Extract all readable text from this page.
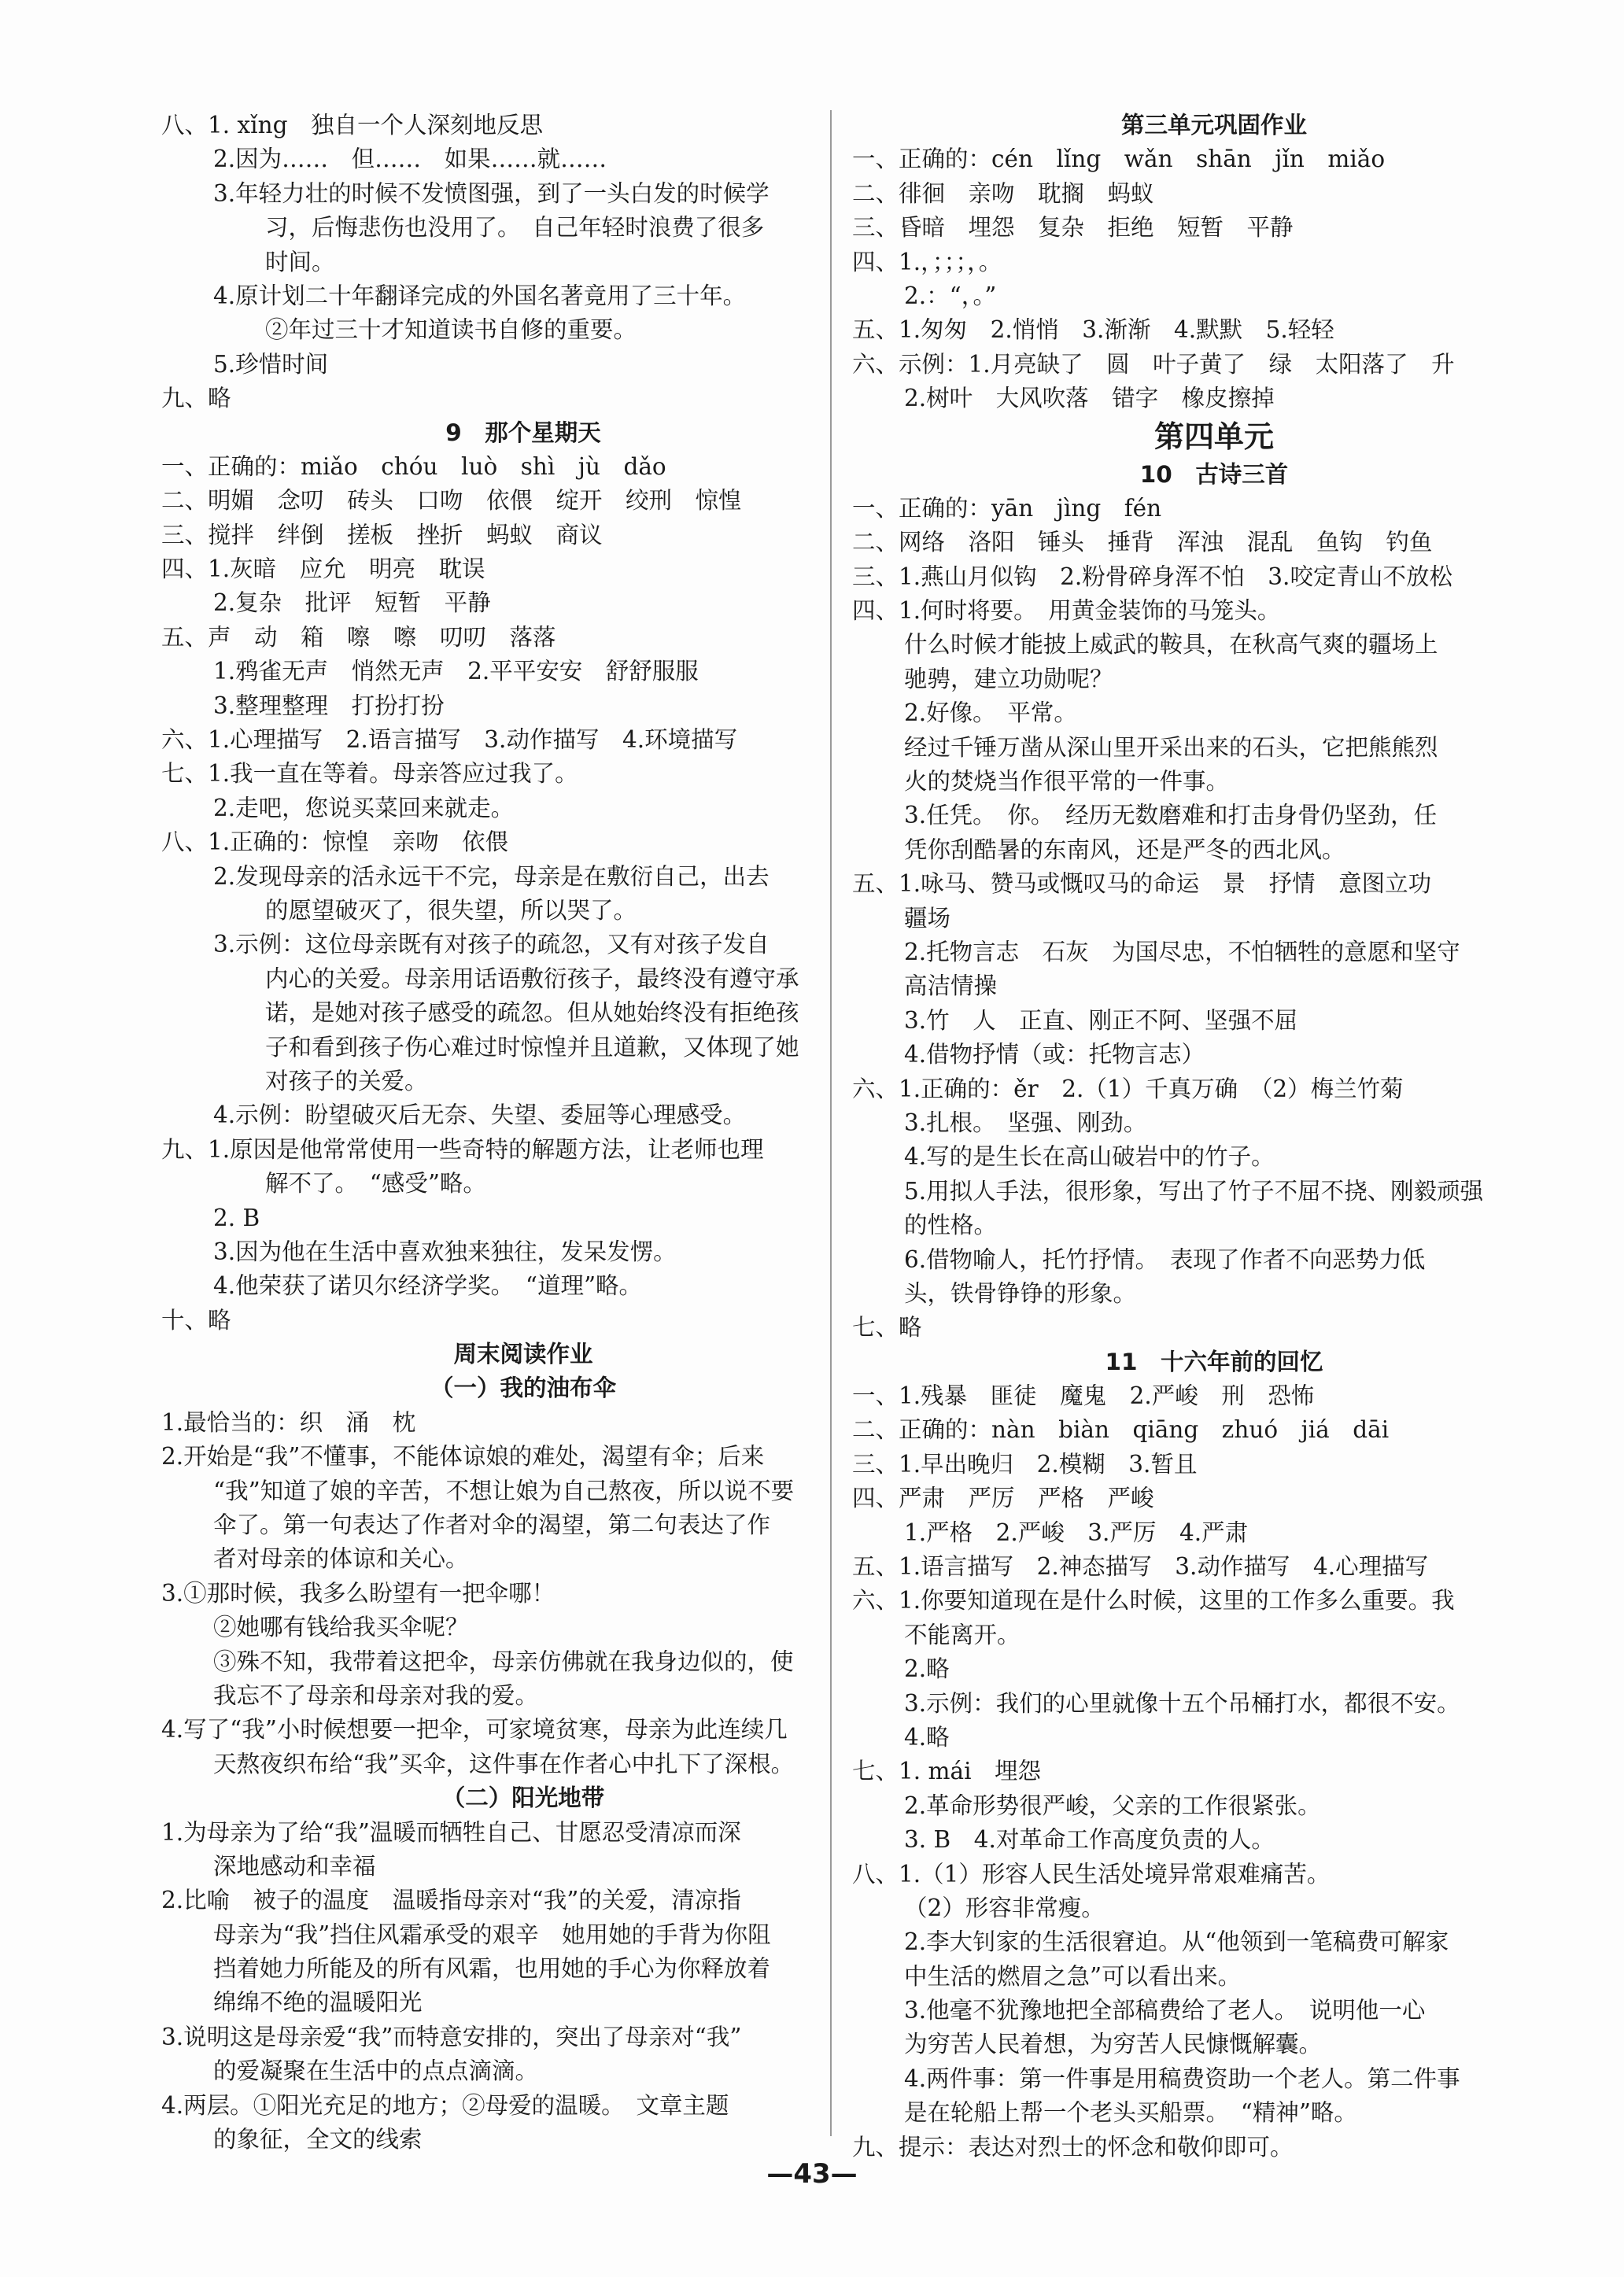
八、1. xǐng　独自一个人深刻地反思
2.因为……　但……　如果……就……
3.年轻力壮的时候不发愤图强，到了一头白发的时候学
习，后悔悲伤也没用了。　自己年轻时浪费了很多
时间。
4.原计划二十年翻译完成的外国名著竟用了三十年。
②年过三十才知道读书自修的重要。
5.珍惜时间
九、略
9　那个星期天
一、正确的：miǎo　chóu　luò　shì　jù　dǎo
二、明媚　念叨　砖头　口吻　依偎　绽开　绞刑　惊惶
三、搅拌　绊倒　搓板　挫折　蚂蚁　商议
四、1.灰暗　应允　明亮　耽误
2.复杂　批评　短暂　平静
五、声　动　箱　嚓　嚓　叨叨　落落
1.鸦雀无声　悄然无声　2.平平安安　舒舒服服
3.整理整理　打扮打扮
六、1.心理描写　2.语言描写　3.动作描写　4.环境描写
七、1.我一直在等着。母亲答应过我了。
2.走吧，您说买菜回来就走。
八、1.正确的：惊惶　亲吻　依偎
2.发现母亲的活永远干不完，母亲是在敷衍自己，出去
的愿望破灭了，很失望，所以哭了。
3.示例：这位母亲既有对孩子的疏忽，又有对孩子发自
内心的关爱。母亲用话语敷衍孩子，最终没有遵守承
诺，是她对孩子感受的疏忽。但从她始终没有拒绝孩
子和看到孩子伤心难过时惊惶并且道歉，又体现了她
对孩子的关爱。
4.示例：盼望破灭后无奈、失望、委屈等心理感受。
九、1.原因是他常常使用一些奇特的解题方法，让老师也理
解不了。　“感受”略。
2. B
3.因为他在生活中喜欢独来独往，发呆发愣。
4.他荣获了诺贝尔经济学奖。　“道理”略。
十、略
周末阅读作业
（一）我的油布伞
1.最恰当的：织　涌　枕
2.开始是“我”不懂事，不能体谅娘的难处，渴望有伞；后来
“我”知道了娘的辛苦，不想让娘为自己熬夜，所以说不要
伞了。第一句表达了作者对伞的渴望，第二句表达了作
者对母亲的体谅和关心。
3.①那时候，我多么盼望有一把伞哪！
②她哪有钱给我买伞呢？
③殊不知，我带着这把伞，母亲仿佛就在我身边似的，使
我忘不了母亲和母亲对我的爱。
4.写了“我”小时候想要一把伞，可家境贫寒，母亲为此连续几
天熬夜织布给“我”买伞，这件事在作者心中扎下了深根。
（二）阳光地带
1.为母亲为了给“我”温暖而牺牲自己、甘愿忍受清凉而深
深地感动和幸福
2.比喻　被子的温度　温暖指母亲对“我”的关爱，清凉指
母亲为“我”挡住风霜承受的艰辛　她用她的手背为你阻
挡着她力所能及的所有风霜，也用她的手心为你释放着
绵绵不绝的温暖阳光
3.说明这是母亲爱“我”而特意安排的，突出了母亲对“我”
的爱凝聚在生活中的点点滴滴。
4.两层。①阳光充足的地方；②母爱的温暖。　文章主题
的象征，全文的线索
第三单元巩固作业
一、正确的：cén　lǐng　wǎn　shān　jǐn　miǎo
二、徘徊　亲吻　耽搁　蚂蚁
三、昏暗　埋怨　复杂　拒绝　短暂　平静
四、1.，；；；，。
2.：“，。”
五、1.匆匆　2.悄悄　3.渐渐　4.默默　5.轻轻
六、示例：1.月亮缺了　圆　叶子黄了　绿　太阳落了　升
2.树叶　大风吹落　错字　橡皮擦掉
第四单元
10　古诗三首
一、正确的：yān　jìng　fén
二、网络　洛阳　锤头　捶背　浑浊　混乱　鱼钩　钓鱼
三、1.燕山月似钩　2.粉骨碎身浑不怕　3.咬定青山不放松
四、1.何时将要。　用黄金装饰的马笼头。
什么时候才能披上威武的鞍具，在秋高气爽的疆场上
驰骋，建立功勋呢？
2.好像。　平常。
经过千锤万凿从深山里开采出来的石头，它把熊熊烈
火的焚烧当作很平常的一件事。
3.任凭。　你。　经历无数磨难和打击身骨仍坚劲，任
凭你刮酷暑的东南风，还是严冬的西北风。
五、1.咏马、赞马或慨叹马的命运　景　抒情　意图立功
疆场
2.托物言志　石灰　为国尽忠，不怕牺牲的意愿和坚守
高洁情操
3.竹　人　正直、刚正不阿、坚强不屈
4.借物抒情（或：托物言志）
六、1.正确的：ěr　2.（1）千真万确　（2）梅兰竹菊
3.扎根。　坚强、刚劲。
4.写的是生长在高山破岩中的竹子。
5.用拟人手法，很形象，写出了竹子不屈不挠、刚毅顽强
的性格。
6.借物喻人，托竹抒情。　表现了作者不向恶势力低
头，铁骨铮铮的形象。
七、略
11　十六年前的回忆
一、1.残暴　匪徒　魔鬼　2.严峻　刑　恐怖
二、正确的：nàn　biàn　qiāng　zhuó　jiá　dāi
三、1.早出晚归　2.模糊　3.暂且
四、严肃　严厉　严格　严峻
1.严格　2.严峻　3.严厉　4.严肃
五、1.语言描写　2.神态描写　3.动作描写　4.心理描写
六、1.你要知道现在是什么时候，这里的工作多么重要。我
不能离开。
2.略
3.示例：我们的心里就像十五个吊桶打水，都很不安。
4.略
七、1. mái　埋怨
2.革命形势很严峻，父亲的工作很紧张。
3. B　4.对革命工作高度负责的人。
八、1.（1）形容人民生活处境异常艰难痛苦。
（2）形容非常瘦。
2.李大钊家的生活很窘迫。从“他领到一笔稿费可解家
中生活的燃眉之急”可以看出来。
3.他毫不犹豫地把全部稿费给了老人。　说明他一心
为穷苦人民着想，为穷苦人民慷慨解囊。
4.两件事：第一件事是用稿费资助一个老人。第二件事
是在轮船上帮一个老头买船票。　“精神”略。
九、提示：表达对烈士的怀念和敬仰即可。
—43—
